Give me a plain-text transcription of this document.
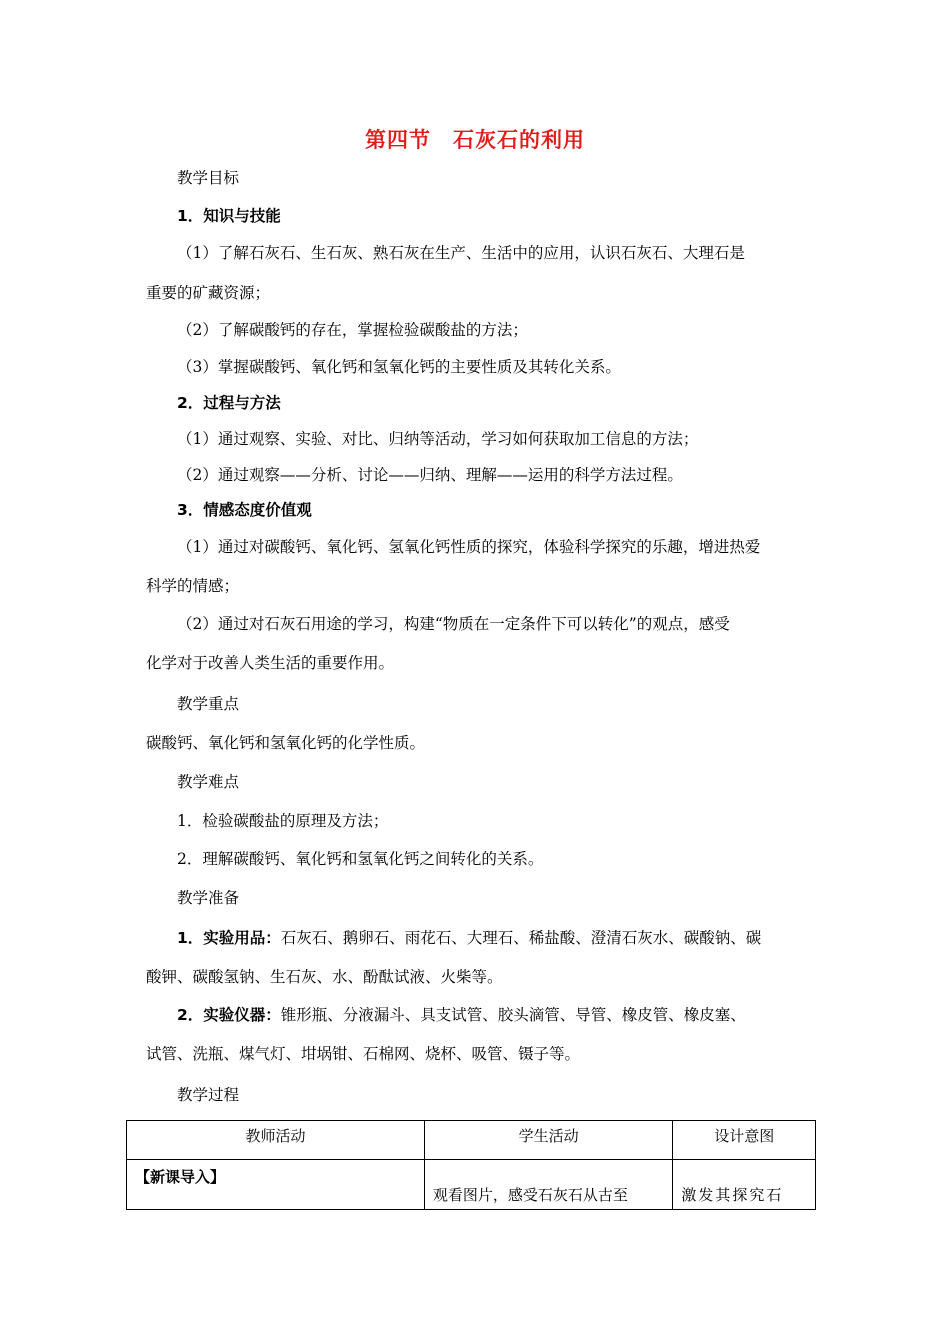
第四节 石灰石的利用
教学目标
1．知识与技能
（1）了解石灰石、生石灰、熟石灰在生产、生活中的应用，认识石灰石、大理石是
重要的矿藏资源；
（2）了解碳酸钙的存在，掌握检验碳酸盐的方法；
（3）掌握碳酸钙、氧化钙和氢氧化钙的主要性质及其转化关系。
2．过程与方法
（1）通过观察、实验、对比、归纳等活动，学习如何获取加工信息的方法；
（2）通过观察——分析、讨论——归纳、理解——运用的科学方法过程。
3．情感态度价值观
（1）通过对碳酸钙、氧化钙、氢氧化钙性质的探究，体验科学探究的乐趣，增进热爱
科学的情感；
（2）通过对石灰石用途的学习，构建“物质在一定条件下可以转化”的观点，感受
化学对于改善人类生活的重要作用。
教学重点
碳酸钙、氧化钙和氢氧化钙的化学性质。
教学难点
1．检验碳酸盐的原理及方法；
2．理解碳酸钙、氧化钙和氢氧化钙之间转化的关系。
教学准备
1．实验用品：石灰石、鹅卵石、雨花石、大理石、稀盐酸、澄清石灰水、碳酸钠、碳
酸钾、碳酸氢钠、生石灰、水、酚酞试液、火柴等。
2．实验仪器：锥形瓶、分液漏斗、具支试管、胶头滴管、导管、橡皮管、橡皮塞、
试管、洗瓶、煤气灯、坩埚钳、石棉网、烧杯、吸管、镊子等。
教学过程
教师活动	学生活动	设计意图
【新课导入】	观看图片，感受石灰石从古至	激发其探究石
